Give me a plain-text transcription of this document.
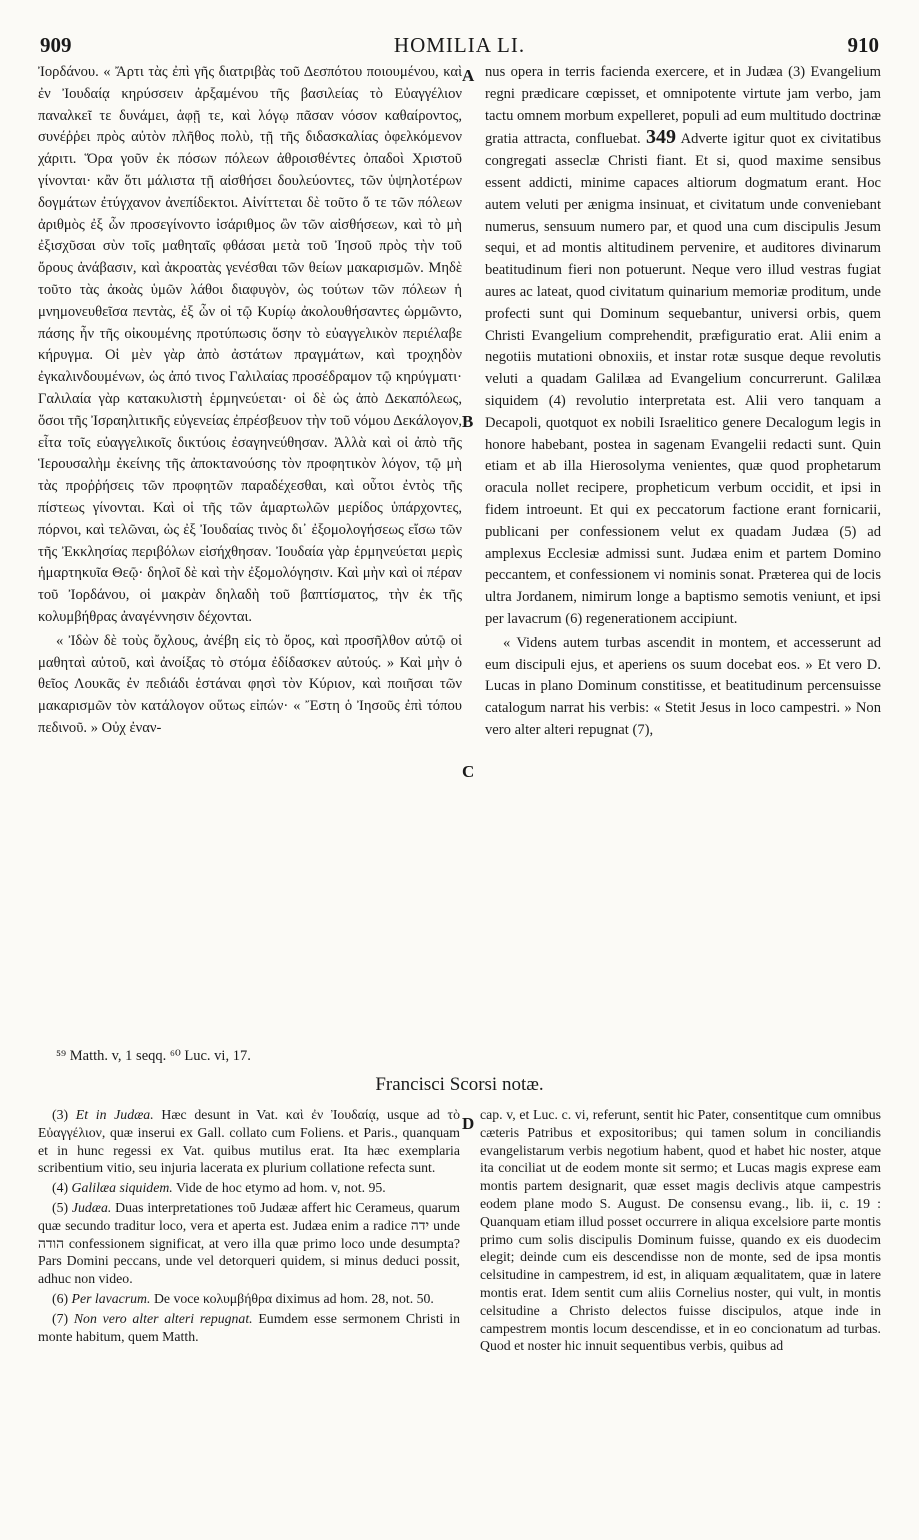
909	HOMILIA LI.	910
A
B
C
D

Ἰορδάνου. « Ἄρτι τὰς ἐπὶ γῆς διατριβὰς τοῦ Δεσπότου ποιουμένου, καὶ ἐν Ἰουδαίᾳ κηρύσσειν ἀρξαμένου τῆς βασιλείας τὸ Εὐαγγέλιον παναλκεῖ τε δυνάμει, ἁφῇ τε, καὶ λόγῳ πᾶσαν νόσον καθαίροντος, συνέῤῥει πρὸς αὐτὸν πλῆθος πολὺ, τῇ τῆς διδασκαλίας ὀφελκόμενον χάριτι. Ὅρα γοῦν ἐκ πόσων πόλεων ἀθροισθέντες ὀπαδοὶ Χριστοῦ γίνονται· κἂν ὅτι μάλιστα τῇ αἰσθήσει δουλεύοντες, τῶν ὑψηλοτέρων δογμάτων ἐτύγχανον ἀνεπίδεκτοι. Αἰνίττεται δὲ τοῦτο ὅ τε τῶν πόλεων ἀριθμὸς ἐξ ὧν προσεγίνοντο ἰσάριθμος ὢν τῶν αἰσθήσεων, καὶ τὸ μὴ ἐξισχῦσαι σὺν τοῖς μαθηταῖς φθάσαι μετὰ τοῦ Ἰησοῦ πρὸς τὴν τοῦ ὄρους ἀνάβασιν, καὶ ἀκροατὰς γενέσθαι τῶν θείων μακαρισμῶν. Μηδὲ τοῦτο τὰς ἀκοὰς ὑμῶν λάθοι διαφυγὸν, ὡς τούτων τῶν πόλεων ἡ μνημονευθεῖσα πεντὰς, ἐξ ὧν οἱ τῷ Κυρίῳ ἀκολουθήσαντες ὡρμῶντο, πάσης ἦν τῆς οἰκουμένης προτύπωσις ὅσην τὸ εὐαγγελικὸν περιέλαβε κήρυγμα. Οἱ μὲν γὰρ ἀπὸ ἀστάτων πραγμάτων, καὶ τροχηδὸν ἐγκαλινδουμένων, ὡς ἀπό τινος Γαλιλαίας προσέδραμον τῷ κηρύγματι· Γαλιλαία γὰρ κατακυλιστὴ ἑρμηνεύεται· οἱ δὲ ὡς ἀπὸ Δεκαπόλεως, ὅσοι τῆς Ἰσραηλιτικῆς εὐγενείας ἐπρέσβευον τὴν τοῦ νόμου Δεκάλογον, εἶτα τοῖς εὐαγγελικοῖς δικτύοις ἐσαγηνεύθησαν. Ἀλλὰ καὶ οἱ ἀπὸ τῆς Ἱερουσαλὴμ ἐκείνης τῆς ἀποκτανούσης τὸν προφητικὸν λόγον, τῷ μὴ τὰς προῤῥήσεις τῶν προφητῶν παραδέχεσθαι, καὶ οὗτοι ἐντὸς τῆς πίστεως γίνονται. Καὶ οἱ τῆς τῶν ἁμαρτωλῶν μερίδος ὑπάρχοντες, πόρνοι, καὶ τελῶναι, ὡς ἐξ Ἰουδαίας τινὸς δι᾽ ἐξομολογήσεως εἴσω τῶν τῆς Ἐκκλησίας περιβόλων εἰσήχθησαν. Ἰουδαία γὰρ ἑρμηνεύεται μερὶς ἡμαρτηκυῖα Θεῷ· δηλοῖ δὲ καὶ τὴν ἐξομολόγησιν. Καὶ μὴν καὶ οἱ πέραν τοῦ Ἰορδάνου, οἱ μακρὰν δηλαδὴ τοῦ βαπτίσματος, τὴν ἐκ τῆς κολυμβήθρας ἀναγέννησιν δέχονται.

« Ἰδὼν δὲ τοὺς ὄχλους, ἀνέβη εἰς τὸ ὄρος, καὶ προσῆλθον αὐτῷ οἱ μαθηταὶ αὐτοῦ, καὶ ἀνοίξας τὸ στόμα ἐδίδασκεν αὐτούς. » Καὶ μὴν ὁ θεῖος Λουκᾶς ἐν πεδιάδι ἑστάναι φησὶ τὸν Κύριον, καὶ ποιῆσαι τῶν μακαρισμῶν τὸν κατάλογον οὕτως εἰπών· « Ἔστη ὁ Ἰησοῦς ἐπὶ τόπου πεδινοῦ. » Οὐχ ἐναν-

nus opera in terris facienda exercere, et in Judæa (3) Evangelium regni prædicare cœpisset, et omnipotente virtute jam verbo, jam tactu omnem morbum expelleret, populi ad eum multitudo doctrinæ gratia attracta, confluebat. 349 Adverte igitur quot ex civitatibus congregati asseclæ Christi fiant. Et si, quod maxime sensibus essent addicti, minime capaces altiorum dogmatum erant. Hoc autem veluti per ænigma insinuat, et civitatum unde conveniebant numerus, sensuum numero par, et quod una cum discipulis Jesum sequi, et ad montis altitudinem pervenire, et auditores divinarum beatitudinum fieri non potuerunt. Neque vero illud vestras fugiat aures ac lateat, quod civitatum quinarium memoriæ proditum, unde profecti sunt qui Dominum sequebantur, universi orbis, quem Christi Evangelium comprehendit, præfiguratio erat. Alii enim a negotiis mutationi obnoxiis, et instar rotæ susque deque revolutis veluti a quadam Galilæa ad Evangelium concurrerunt. Galilæa siquidem (4) revolutio interpretata est. Alii vero tanquam a Decapoli, quotquot ex nobili Israelitico genere Decalogum legis in honore habebant, postea in sagenam Evangelii redacti sunt. Quin etiam et ab illa Hierosolyma venientes, quæ quod prophetarum oracula nollet recipere, propheticum verbum occidit, et ipsi in fidem introeunt. Et qui ex peccatorum factione erant fornicarii, publicani per confessionem velut ex quadam Judæa (5) ad amplexus Ecclesiæ admissi sunt. Judæa enim et partem Domino peccantem, et confessionem vi nominis sonat. Præterea qui de locis ultra Jordanem, nimirum longe a baptismo semotis veniunt, et ipsi per lavacrum (6) regenerationem accipiunt.

« Videns autem turbas ascendit in montem, et accesserunt ad eum discipuli ejus, et aperiens os suum docebat eos. » Et vero D. Lucas in plano Dominum constitisse, et beatitudinum percensuisse catalogum narrat his verbis: « Stetit Jesus in loco campestri. » Non vero alter alteri repugnat (7),

⁵⁹ Matth. v, 1 seqq. ⁶⁰ Luc. vi, 17.
Francisci Scorsi notæ.

(3) Et in Judæa. Hæc desunt in Vat. καὶ ἐν Ἰουδαίᾳ, usque ad τὸ Εὐαγγέλιον, quæ inserui ex Gall. collato cum Foliens. et Paris., quanquam et in hunc regessi ex Vat. quibus mutilus erat. Ita hæc exemplaria scribentium vitio, seu injuria lacerata ex plurium collatione refecta sunt.

(4) Galilæa siquidem. Vide de hoc etymo ad hom. v, not. 95.

(5) Judæa. Duas interpretationes τοῦ Judææ affert hic Cerameus, quarum quæ secundo traditur loco, vera et aperta est. Judæa enim a radice ידה unde הודה confessionem significat, at vero illa quæ primo loco unde desumpta? Pars Domini peccans, unde vel detorqueri quidem, si minus deduci possit, adhuc non video.

(6) Per lavacrum. De voce κολυμβήθρα diximus ad hom. 28, not. 50.

(7) Non vero alter alteri repugnat. Eumdem esse sermonem Christi in monte habitum, quem Matth.

cap. v, et Luc. c. vi, referunt, sentit hic Pater, consentitque cum omnibus cæteris Patribus et expositoribus; qui tamen solum in conciliandis evangelistarum verbis negotium habent, quod et habet hic noster, atque ita conciliat ut de eodem monte sit sermo; et Lucas magis exprese eam montis partem designarit, quæ esset magis declivis atque campestris eodem plane modo S. August. De consensu evang., lib. ii, c. 19 : Quanquam etiam illud posset occurrere in aliqua excelsiore parte montis primo cum solis discipulis Dominum fuisse, quando ex eis duodecim elegit; deinde cum eis descendisse non de monte, sed de ipsa montis celsitudine in campestrem, id est, in aliquam æqualitatem, quæ in latere montis erat. Idem sentit cum aliis Cornelius noster, qui vult, in montis celsitudine a Christo delectos fuisse discipulos, atque inde in campestrem montis locum descendisse, et in eo concionatum ad turbas. Quod et noster hic innuit sequentibus verbis, quibus ad
